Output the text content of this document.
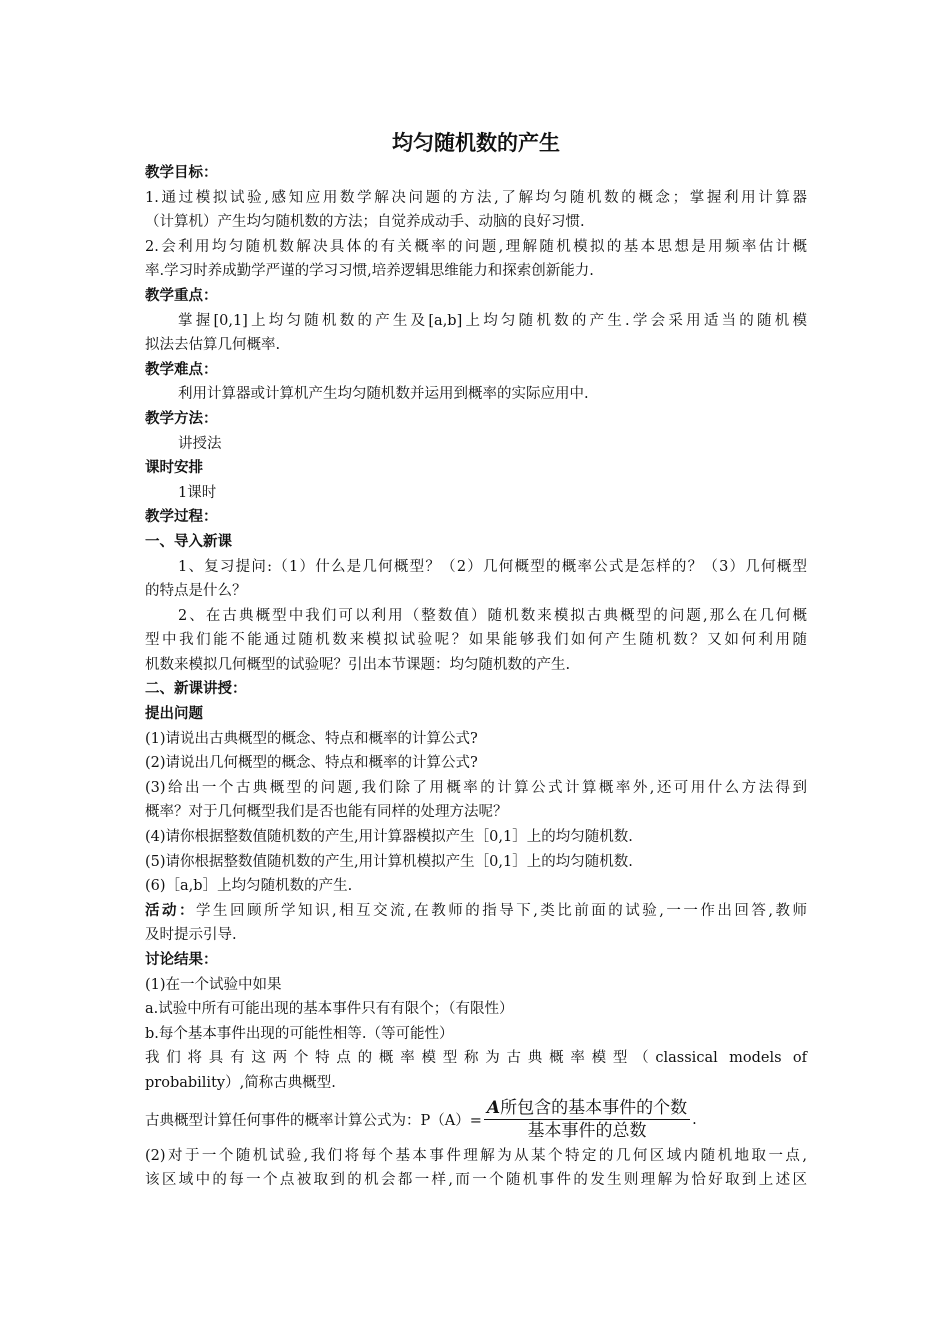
均匀随机数的产生
教学目标：
1.通过模拟试验,感知应用数学解决问题的方法,了解均匀随机数的概念；掌握利用计算器
（计算机）产生均匀随机数的方法；自觉养成动手、动脑的良好习惯.
2.会利用均匀随机数解决具体的有关概率的问题,理解随机模拟的基本思想是用频率估计概
率.学习时养成勤学严谨的学习习惯,培养逻辑思维能力和探索创新能力.
教学重点：
掌握[0,1]上均匀随机数的产生及[a,b]上均匀随机数的产生.学会采用适当的随机模
拟法去估算几何概率.
教学难点：
利用计算器或计算机产生均匀随机数并运用到概率的实际应用中.
教学方法：
讲授法
课时安排
1课时
教学过程：
一、导入新课
1、复习提问:（1）什么是几何概型？（2）几何概型的概率公式是怎样的？（3）几何概型
的特点是什么？
2、在古典概型中我们可以利用（整数值）随机数来模拟古典概型的问题,那么在几何概
型中我们能不能通过随机数来模拟试验呢？如果能够我们如何产生随机数？又如何利用随
机数来模拟几何概型的试验呢？引出本节课题：均匀随机数的产生.
二、新课讲授：
提出问题
(1)请说出古典概型的概念、特点和概率的计算公式?
(2)请说出几何概型的概念、特点和概率的计算公式?
(3)给出一个古典概型的问题,我们除了用概率的计算公式计算概率外,还可用什么方法得到
概率？对于几何概型我们是否也能有同样的处理方法呢？
(4)请你根据整数值随机数的产生,用计算器模拟产生［0,1］上的均匀随机数.
(5)请你根据整数值随机数的产生,用计算机模拟产生［0,1］上的均匀随机数.
(6)［a,b］上均匀随机数的产生.
活动：学生回顾所学知识,相互交流,在教师的指导下,类比前面的试验,一一作出回答,教师
及时提示引导.
讨论结果：
(1)在一个试验中如果
a.试验中所有可能出现的基本事件只有有限个；（有限性）
b.每个基本事件出现的可能性相等.（等可能性）
我们将具有这两个特点的概率模型称为古典概率模型（classical models of
probability）,简称古典概型.
古典概型计算任何事件的概率计算公式为：$P(A)= \frac{\text{A所包含的基本事件的个数}}{\text{基本事件的总数}}$ .
(2)对于一个随机试验,我们将每个基本事件理解为从某个特定的几何区域内随机地取一点,
该区域中的每一个点被取到的机会都一样,而一个随机事件的发生则理解为恰好取到上述区
